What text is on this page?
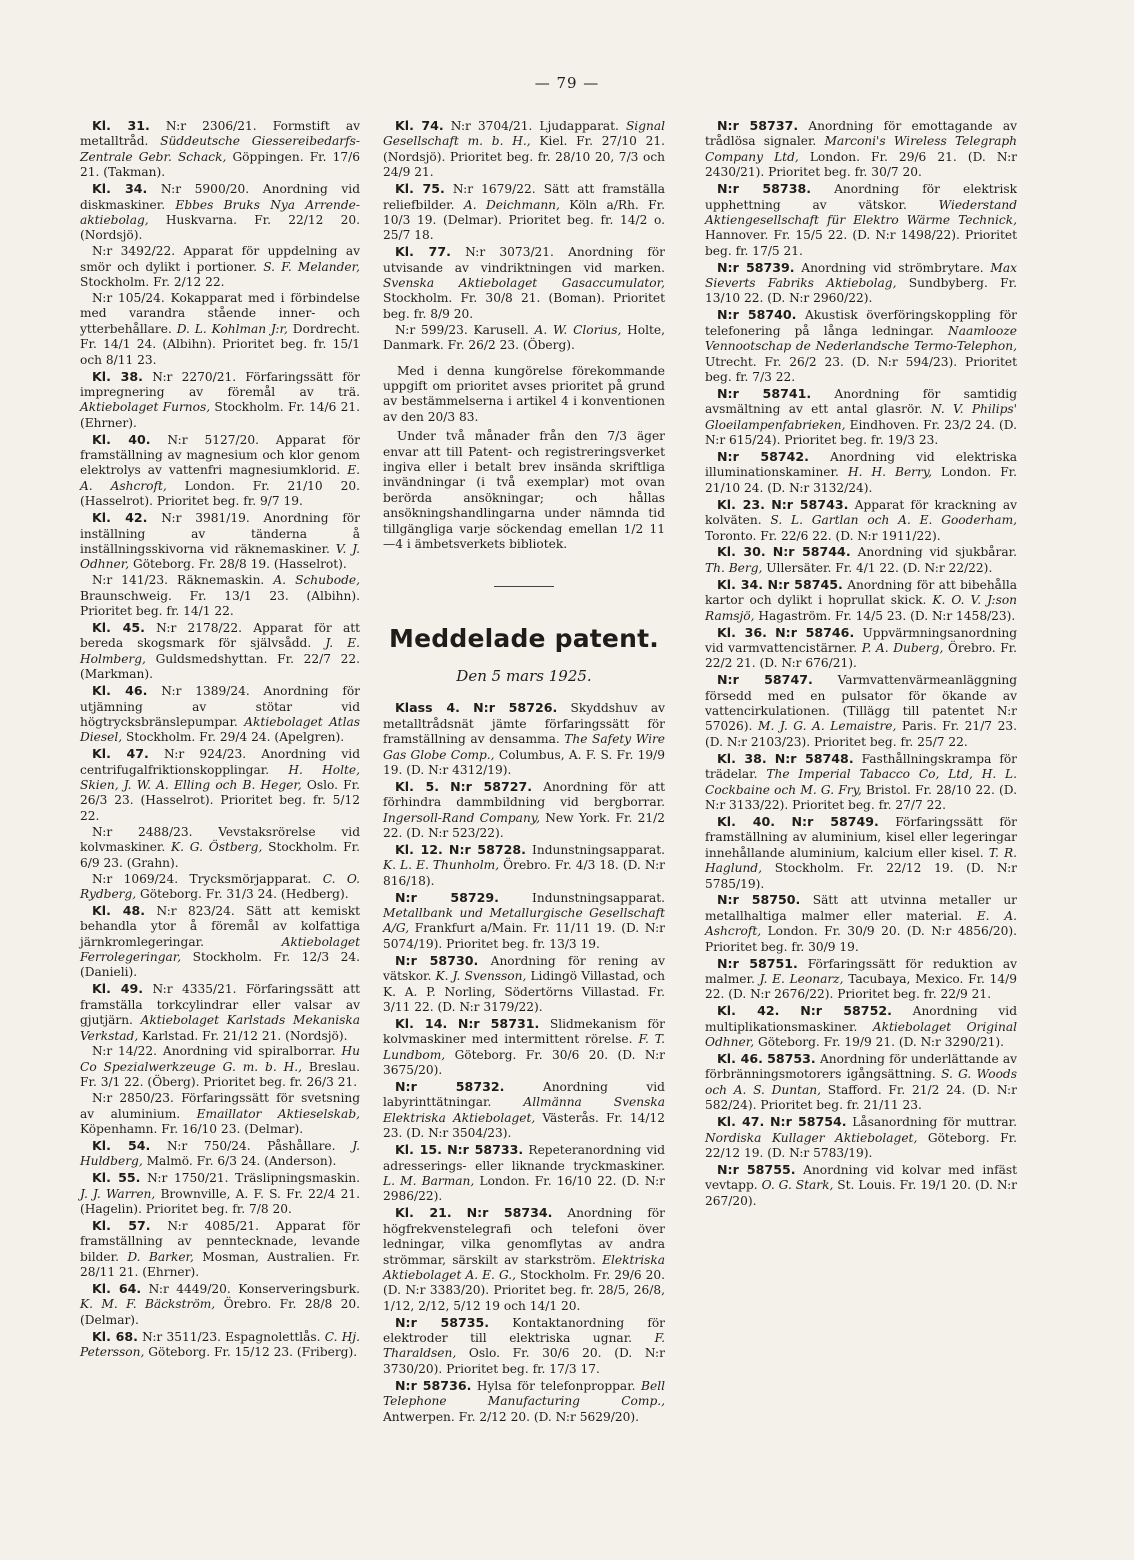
— 79 —

Kl. 31. N:r 2306/21. Formstift av metalltråd. Süddeutsche Giessereibedarfs-Zentrale Gebr. Schack, Göppingen. Fr. 17/6 21. (Takman).

Kl. 34. N:r 5900/20. Anordning vid diskmaskiner. Ebbes Bruks Nya Arrende-aktiebolag, Huskvarna. Fr. 22/12 20. (Nordsjö).

N:r 3492/22. Apparat för uppdelning av smör och dylikt i portioner. S. F. Melander, Stockholm. Fr. 2/12 22.

N:r 105/24. Kokapparat med i förbindelse med varandra stående inner- och ytterbehållare. D. L. Kohlman J:r, Dordrecht. Fr. 14/1 24. (Albihn). Prioritet beg. fr. 15/1 och 8/11 23.

Kl. 38. N:r 2270/21. Förfaringssätt för impregnering av föremål av trä. Aktiebolaget Furnos, Stockholm. Fr. 14/6 21. (Ehrner).

Kl. 40. N:r 5127/20. Apparat för framställning av magnesium och klor genom elektrolys av vattenfri magnesiumklorid. E. A. Ashcroft, London. Fr. 21/10 20. (Hasselrot). Prioritet beg. fr. 9/7 19.

Kl. 42. N:r 3981/19. Anordning för inställning av tänderna å inställningsskivorna vid räknemaskiner. V. J. Odhner, Göteborg. Fr. 28/8 19. (Hasselrot).

N:r 141/23. Räknemaskin. A. Schubode, Braunschweig. Fr. 13/1 23. (Albihn). Prioritet beg. fr. 14/1 22.

Kl. 45. N:r 2178/22. Apparat för att bereda skogsmark för självsådd. J. E. Holmberg, Guldsmedshyttan. Fr. 22/7 22. (Markman).

Kl. 46. N:r 1389/24. Anordning för utjämning av stötar vid högtrycksbränslepumpar. Aktiebolaget Atlas Diesel, Stockholm. Fr. 29/4 24. (Apelgren).

Kl. 47. N:r 924/23. Anordning vid centrifugalfriktionskopplingar. H. Holte, Skien, J. W. A. Elling och B. Heger, Oslo. Fr. 26/3 23. (Hasselrot). Prioritet beg. fr. 5/12 22.

N:r 2488/23. Vevstaksrörelse vid kolvmaskiner. K. G. Östberg, Stockholm. Fr. 6/9 23. (Grahn).

N:r 1069/24. Trycksmörjapparat. C. O. Rydberg, Göteborg. Fr. 31/3 24. (Hedberg).

Kl. 48. N:r 823/24. Sätt att kemiskt behandla ytor å föremål av kolfattiga järnkromlegeringar.	Aktiebolaget Ferrolegeringar, Stockholm. Fr. 12/3 24. (Danieli).

Kl. 49. N:r 4335/21. Förfaringssätt att framställa torkcylindrar eller valsar av gjutjärn. Aktiebolaget Karlstads Mekaniska Verkstad, Karlstad. Fr. 21/12 21. (Nordsjö).

N:r 14/22. Anordning vid spiralborrar. Hu Co Spezialwerkzeuge G. m. b. H., Breslau. Fr. 3/1 22. (Öberg). Prioritet beg. fr. 26/3 21.

N:r 2850/23. Förfaringssätt för svetsning av aluminium. Emaillator Aktieselskab, Köpenhamn. Fr. 16/10 23. (Delmar).

Kl. 54. N:r 750/24. Påshållare. J. Huldberg, Malmö. Fr. 6/3 24. (Anderson).

Kl. 55. N:r 1750/21. Träslipningsmaskin. J. J. Warren, Brownville, A. F. S. Fr. 22/4 21. (Hagelin). Prioritet beg. fr. 7/8 20.

Kl. 57. N:r 4085/21. Apparat för framställning av penntecknade, levande bilder. D. Barker, Mosman, Australien. Fr. 28/11 21. (Ehrner).

Kl. 64. N:r 4449/20. Konserveringsburk. K. M. F. Bäckström, Örebro. Fr. 28/8 20. (Delmar).

Kl. 68. N:r 3511/23. Espagnolettlås. C. Hj. Petersson, Göteborg. Fr. 15/12 23. (Friberg).

Kl. 74. N:r 3704/21. Ljudapparat. Signal Gesellschaft m. b. H., Kiel. Fr. 27/10 21. (Nordsjö). Prioritet beg. fr. 28/10 20, 7/3 och 24/9 21.

Kl. 75. N:r 1679/22. Sätt att framställa reliefbilder. A. Deichmann, Köln a/Rh. Fr. 10/3 19. (Delmar). Prioritet beg. fr. 14/2 o. 25/7 18.

Kl. 77. N:r 3073/21. Anordning för utvisande av vindriktningen vid marken. Svenska Aktiebolaget Gasaccumulator, Stockholm. Fr. 30/8 21. (Boman). Prioritet beg. fr. 8/9 20.

N:r 599/23. Karusell. A. W. Clorius, Holte, Danmark. Fr. 26/2 23. (Öberg).

Med i denna kungörelse förekommande uppgift om prioritet avses prioritet på grund av bestämmelserna i artikel 4 i konventionen av den 20/3 83.

Under två månader från den 7/3 äger envar att till Patent- och registreringsverket ingiva eller i betalt brev insända skriftliga invändningar (i två exemplar) mot ovan berörda ansökningar; och hållas ansökningshandlingarna under nämnda tid tillgängliga varje söckendag emellan 1/2 11—4 i ämbetsverkets bibliotek.

Meddelade patent.
Den 5 mars 1925.

Klass 4. N:r 58726. Skyddshuv av metalltrådsnät jämte förfaringssätt för framställning av densamma. The Safety Wire Gas Globe Comp., Columbus, A. F. S. Fr. 19/9 19. (D. N:r 4312/19).

Kl. 5. N:r 58727. Anordning för att förhindra dammbildning vid bergborrar. Ingersoll-Rand Company, New York. Fr. 21/2 22. (D. N:r 523/22).

Kl. 12. N:r 58728. Indunstningsapparat. K. L. E. Thunholm, Örebro. Fr. 4/3 18. (D. N:r 816/18).

N:r 58729.	Indunstningsapparat. Metallbank und Metallurgische Gesellschaft A/G, Frankfurt a/Main. Fr. 11/11 19. (D. N:r 5074/19). Prioritet beg. fr. 13/3 19.

N:r 58730. Anordning för rening av vätskor. K. J. Svensson, Lidingö Villastad, och K. A. P. Norling, Södertörns Villastad. Fr. 3/11 22. (D. N:r 3179/22).

Kl. 14. N:r 58731. Slidmekanism för kolvmaskiner med intermittent rörelse. F. T. Lundbom, Göteborg. Fr. 30/6 20. (D. N:r 3675/20).

N:r 58732.	Anordning vid labyrinttätningar.	Allmänna Svenska Elektriska Aktiebolaget, Västerås. Fr. 14/12 23. (D. N:r 3504/23).

Kl. 15. N:r 58733. Repeteranordning vid adresserings- eller liknande tryckmaskiner. L. M. Barman, London. Fr. 16/10 22. (D. N:r 2986/22).

Kl. 21. N:r 58734. Anordning för högfrekvenstelegrafi och telefoni över ledningar, vilka genomflytas av andra strömmar, särskilt av starkström. Elektriska Aktiebolaget A. E. G., Stockholm. Fr. 29/6 20. (D. N:r 3383/20). Prioritet beg. fr. 28/5, 26/8, 1/12, 2/12, 5/12 19 och 14/1 20.

N:r 58735. Kontaktanordning för elektroder till elektriska ugnar. F. Tharaldsen, Oslo. Fr. 30/6 20. (D. N:r 3730/20). Prioritet beg. fr. 17/3 17.

N:r 58736. Hylsa för telefonproppar. Bell Telephone Manufacturing Comp., Antwerpen. Fr. 2/12 20. (D. N:r 5629/20).

N:r 58737. Anordning för emottagande av trådlösa signaler. Marconi's Wireless Telegraph Company Ltd, London. Fr. 29/6 21. (D. N:r 2430/21). Prioritet beg. fr. 30/7 20.

N:r 58738. Anordning för elektrisk upphettning av vätskor.	Wiederstand Aktiengesellschaft für Elektro Wärme Technick, Hannover. Fr. 15/5 22. (D. N:r 1498/22). Prioritet beg. fr. 17/5 21.

N:r 58739. Anordning vid strömbrytare. Max Sieverts Fabriks Aktiebolag, Sundbyberg. Fr. 13/10 22. (D. N:r 2960/22).

N:r 58740. Akustisk överföringskoppling för telefonering på långa ledningar. Naamlooze Vennootschap de Nederlandsche Termo-Telephon, Utrecht. Fr. 26/2 23. (D. N:r 594/23). Prioritet beg. fr. 7/3 22.

N:r 58741. Anordning för samtidig avsmältning av ett antal glasrör. N. V. Philips' Gloeilampenfabrieken, Eindhoven. Fr. 23/2 24. (D. N:r 615/24). Prioritet beg. fr. 19/3 23.

N:r 58742. Anordning vid elektriska illuminationskaminer. H. H. Berry, London. Fr. 21/10 24. (D. N:r 3132/24).

Kl. 23. N:r 58743. Apparat för krackning av kolväten. S. L. Gartlan och A. E. Gooderham, Toronto. Fr. 22/6 22. (D. N:r 1911/22).

Kl. 30. N:r 58744. Anordning vid sjukbårar. Th. Berg, Ullersäter. Fr. 4/1 22. (D. N:r 22/22).

Kl. 34. N:r 58745. Anordning för att bibehålla kartor och dylikt i hoprullat skick. K. O. V. J:son Ramsjö, Hagaström. Fr. 14/5 23. (D. N:r 1458/23).

Kl. 36. N:r 58746. Uppvärmningsanordning vid varmvattencistärner. P. A. Duberg, Örebro. Fr. 22/2 21. (D. N:r 676/21).

N:r 58747. Varmvattenvärmeanläggning försedd med en pulsator för ökande av vattencirkulationen. (Tillägg till patentet N:r 57026). M. J. G. A. Lemaistre, Paris. Fr. 21/7 23. (D. N:r 2103/23). Prioritet beg. fr. 25/7 22.

Kl. 38. N:r 58748. Fasthållningskrampa för trädelar. The Imperial Tabacco Co, Ltd, H. L. Cockbaine och M. G. Fry, Bristol. Fr. 28/10 22. (D. N:r 3133/22). Prioritet beg. fr. 27/7 22.

Kl. 40. N:r 58749. Förfaringssätt för framställning av aluminium, kisel eller legeringar innehållande aluminium, kalcium eller kisel. T. R. Haglund, Stockholm. Fr. 22/12 19. (D. N:r 5785/19).

N:r 58750. Sätt att utvinna metaller ur metallhaltiga malmer eller material. E. A. Ashcroft, London. Fr. 30/9 20. (D. N:r 4856/20). Prioritet beg. fr. 30/9 19.

N:r 58751. Förfaringssätt för reduktion av malmer. J. E. Leonarz, Tacubaya, Mexico. Fr. 14/9 22. (D. N:r 2676/22). Prioritet beg. fr. 22/9 21.

Kl. 42. N:r 58752. Anordning vid multiplikationsmaskiner. Aktiebolaget Original Odhner, Göteborg. Fr. 19/9 21. (D. N:r 3290/21).

Kl. 46. 58753. Anordning för underlättande av förbränningsmotorers igångsättning. S. G. Woods och A. S. Duntan, Stafford. Fr. 21/2 24. (D. N:r 582/24). Prioritet beg. fr. 21/11 23.

Kl. 47. N:r 58754. Låsanordning för muttrar. Nordiska Kullager Aktiebolaget, Göteborg. Fr. 22/12 19. (D. N:r 5783/19).

N:r 58755. Anordning vid kolvar med infäst vevtapp. O. G. Stark, St. Louis. Fr. 19/1 20. (D. N:r 267/20).
